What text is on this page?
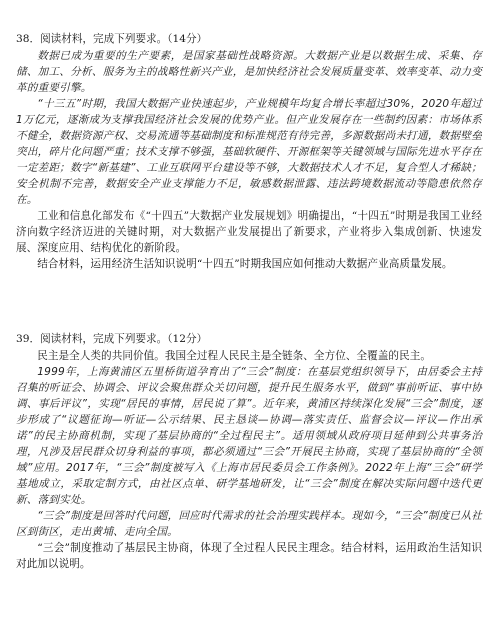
38．阅读材料，完成下列要求。（14分）

数据已成为重要的生产要素，是国家基础性战略资源。大数据产业是以数据生成、采集、存储、加工、分析、服务为主的战略性新兴产业，是加快经济社会发展质量变革、效率变革、动力变革的重要引擎。

“十三五”时期，我国大数据产业快速起步，产业规模年均复合增长率超过30%，2020年超过1万亿元，逐渐成为支撑我国经济社会发展的优势产业。但产业发展存在一些制约因素：市场体系不健全，数据资源产权、交易流通等基础制度和标准规范有待完善，多源数据尚未打通，数据壁垒突出，碎片化问题严重；技术支撑不够强，基础软硬件、开源框架等关键领域与国际先进水平存在一定差距；数字“新基建”、工业互联网平台建设等不够，大数据技术人才不足，复合型人才稀缺；安全机制不完善，数据安全产业支撑能力不足，敏感数据泄露、违法跨境数据流动等隐患依然存在。

工业和信息化部发布《“十四五”大数据产业发展规划》明确提出，“十四五”时期是我国工业经济向数字经济迈进的关键时期，对大数据产业发展提出了新要求，产业将步入集成创新、快速发展、深度应用、结构优化的新阶段。

结合材料，运用经济生活知识说明“十四五”时期我国应如何推动大数据产业高质量发展。

39．阅读材料，完成下列要求。（12分）

民主是全人类的共同价值。我国全过程人民民主是全链条、全方位、全覆盖的民主。

1999年，上海黄浦区五里桥街道孕育出了“三会”制度：在基层党组织领导下，由居委会主持召集的听证会、协调会、评议会聚焦群众关切问题，提升民生服务水平，做到“事前听证、事中协调、事后评议”，实现“居民的事情，居民说了算”。近年来，黄浦区持续深化发展“三会”制度，逐步形成了“议题征询—听证—公示结果、民主恳谈—协调—落实责任、监督会议—评议—作出承诺”的民主协商机制，实现了基层协商的“全过程民主”。适用领域从政府项目延伸到公共事务治理，凡涉及居民群众切身利益的事项，都必须通过“三会”开展民主协商，实现了基层协商的“全领域”应用。2017年，“三会”制度被写入《上海市居民委员会工作条例》。2022年上海“三会”研学基地成立，采取定制方式，由社区点单、研学基地研发，让“三会”制度在解决实际问题中迭代更新、落到实处。

“三会”制度是回答时代问题，回应时代需求的社会治理实践样本。现如今，“三会”制度已从社区到街区，走出黄埔、走向全国。

“三会”制度推动了基层民主协商，体现了全过程人民民主理念。结合材料，运用政治生活知识对此加以说明。
